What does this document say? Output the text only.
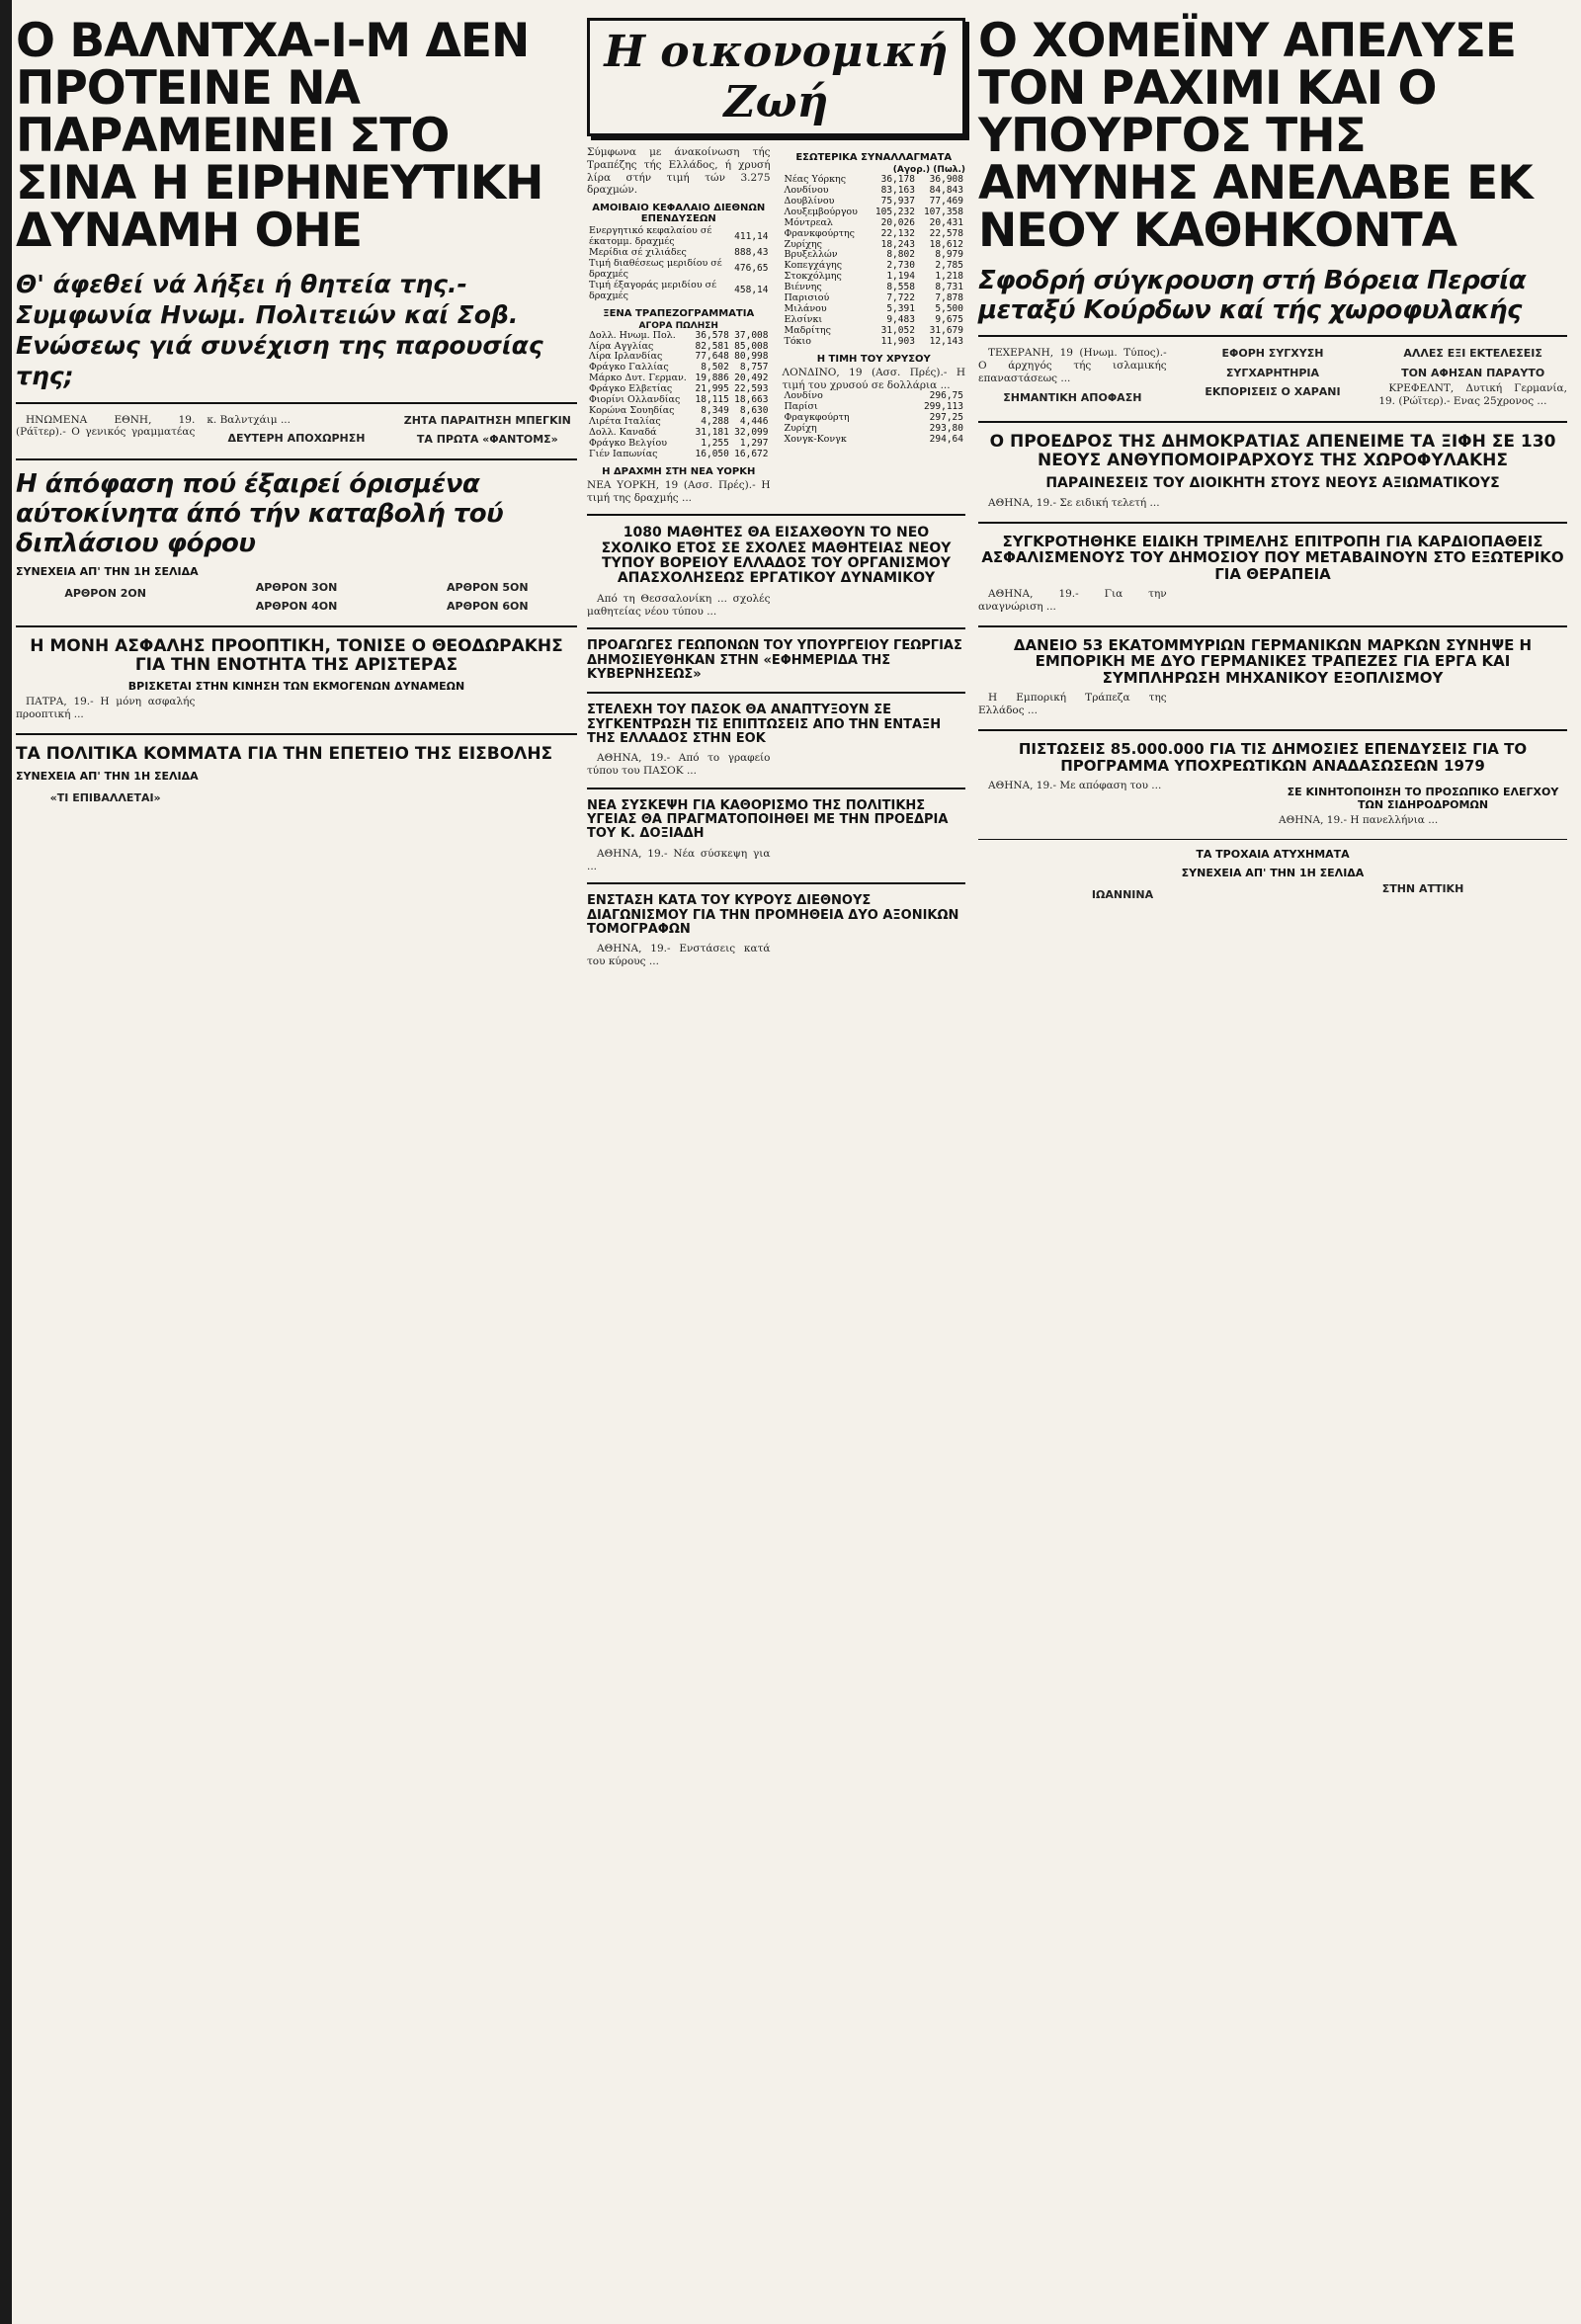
Ο ΒΑΛΝΤΧΑ-Ι-Μ ΔΕΝ ΠΡΟΤΕΙΝΕ ΝΑ ΠΑΡΑΜΕΙΝΕΙ ΣΤΟ ΣΙΝΑ Η ΕΙΡΗΝΕΥΤΙΚΗ ΔΥΝΑΜΗ ΟΗΕ
Θ' άφεθεί νά λήξει ή θητεία της.- Συμφωνία Ηνωμ. Πολιτειών καί Σοβ. Ενώσεως γιά συνέχιση της παρουσίας της;

ΗΝΩΜΕΝΑ ΕΘΝΗ, 19. (Ράϊτερ).- Ο γενικός γραμματέας κ. Βαλντχάιμ ...

ΔΕΥΤΕΡΗ ΑΠΟΧΩΡΗΣΗ
ΖΗΤΑ ΠΑΡΑΙΤΗΣΗ ΜΠΕΓΚΙΝ
ΤΑ ΠΡΩΤΑ «ΦΑΝΤΟΜΣ»
Η άπόφαση πού έξαιρεί όρισμένα αύτοκίνητα άπό τήν καταβολή τού διπλάσιου φόρου
ΣΥΝΕΧΕΙΑ ΑΠ' ΤΗΝ 1Η ΣΕΛΙΔΑ
ΑΡΘΡΟΝ 2ΟΝ	ΑΡΘΡΟΝ 3ΟΝ
ΑΡΘΡΟΝ 4ΟΝ
ΑΡΘΡΟΝ 5ΟΝ
ΑΡΘΡΟΝ 6ΟΝ
Η ΜΟΝΗ ΑΣΦΑΛΗΣ ΠΡΟΟΠΤΙΚΗ, ΤΟΝΙΣΕ Ο ΘΕΟΔΩΡΑΚΗΣ ΓΙΑ ΤΗΝ ΕΝΟΤΗΤΑ ΤΗΣ ΑΡΙΣΤΕΡΑΣ
ΒΡΙΣΚΕΤΑΙ ΣΤΗΝ ΚΙΝΗΣΗ ΤΩΝ ΕΚΜΟΓΕΝΩΝ ΔΥΝΑΜΕΩΝ

ΠΑΤΡΑ, 19.- Η μόνη ασφαλής προοπτική ...

ΤΑ ΠΟΛΙΤΙΚΑ ΚΟΜΜΑΤΑ ΓΙΑ ΤΗΝ ΕΠΕΤΕΙΟ ΤΗΣ ΕΙΣΒΟΛΗΣ
ΣΥΝΕΧΕΙΑ ΑΠ' ΤΗΝ 1Η ΣΕΛΙΔΑ
«ΤΙ ΕΠΙΒΑΛΛΕΤΑΙ»
Η οικονομική Ζωή
Σύμφωνα με άνακοίνωση τής Τραπέζης τής Ελλάδος, ή χρυσή λίρα στήν τιμή τών 3.275 δραχμών.
ΑΜΟΙΒΑΙΟ ΚΕΦΑΛΑΙΟ ΔΙΕΘΝΩΝ ΕΠΕΝΔΥΣΕΩΝ
Ενεργητικό κεφαλαίου σέ έκατομμ. δραχμές	411,14
Μερίδια σέ χιλιάδες	888,43
Τιμή διαθέσεως μεριδίου σέ δραχμές	476,65
Τιμή έξαγοράς μεριδίου σέ δραχμές	458,14
ΞΕΝΑ ΤΡΑΠΕΖΟΓΡΑΜΜΑΤΙΑ
ΑΓΟΡΑ ΠΩΛΗΣΗ
Δολλ. Ηνωμ. Πολ.	36,578	37,008
Λίρα Αγγλίας	82,581	85,008
Λίρα Ιρλανδίας	77,648	80,998
Φράγκο Γαλλίας	8,502	8,757
Μάρκο Δυτ. Γερμαν.	19,886	20,492
Φράγκο Ελβετίας	21,995	22,593
Φιορίνι Ολλανδίας	18,115	18,663
Κορώνα Σουηδίας	8,349	8,630
Λιρέτα Ιταλίας	4,288	4,446
Δολλ. Καναδά	31,181	32,099
Φράγκο Βελγίου	1,255	1,297
Γιέν Ιαπωνίας	16,050	16,672
Η ΔΡΑΧΜΗ ΣΤΗ ΝΕΑ ΥΟΡΚΗ
ΝΕΑ ΥΟΡΚΗ, 19 (Ασσ. Πρές).- Η τιμή της δραχμής ...
ΕΣΩΤΕΡΙΚΑ ΣΥΝΑΛΛΑΓΜΑΤΑ
(Αγορ.) (Πωλ.)
Νέας Υόρκης	36,178	36,908
Λονδίνου	83,163	84,843
Δουβλίνου	75,937	77,469
Λουξεμβούργου	105,232	107,358
Μόντρεαλ	20,026	20,431
Φρανκφούρτης	22,132	22,578
Ζυρίχης	18,243	18,612
Βρυξελλών	8,802	8,979
Κοπεγχάγης	2,730	2,785
Στοκχόλμης	1,194	1,218
Βιέννης	8,558	8,731
Παρισιού	7,722	7,878
Μιλάνου	5,391	5,500
Ελσίνκι	9,483	9,675
Μαδρίτης	31,052	31,679
Τόκιο	11,903	12,143
Η ΤΙΜΗ ΤΟΥ ΧΡΥΣΟΥ
ΛΟΝΔΙΝΟ, 19 (Ασσ. Πρές).- Η τιμή του χρυσού σε δολλάρια ...
Λονδίνο	296,75
Παρίσι	299,113
Φραγκφούρτη	297,25
Ζυρίχη	293,80
Χονγκ-Κονγκ	294,64
1080 ΜΑΘΗΤΕΣ ΘΑ ΕΙΣΑΧΘΟΥΝ ΤΟ ΝΕΟ ΣΧΟΛΙΚΟ ΕΤΟΣ ΣΕ ΣΧΟΛΕΣ ΜΑΘΗΤΕΙΑΣ ΝΕΟΥ ΤΥΠΟΥ ΒΟΡΕΙΟΥ ΕΛΛΑΔΟΣ ΤΟΥ ΟΡΓΑΝΙΣΜΟΥ ΑΠΑΣΧΟΛΗΣΕΩΣ ΕΡΓΑΤΙΚΟΥ ΔΥΝΑΜΙΚΟΥ

Από τη Θεσσαλονίκη ... σχολές μαθητείας νέου τύπου ...

ΠΡΟΑΓΩΓΕΣ ΓΕΩΠΟΝΩΝ ΤΟΥ ΥΠΟΥΡΓΕΙΟΥ ΓΕΩΡΓΙΑΣ ΔΗΜΟΣΙΕΥΘΗΚΑΝ ΣΤΗΝ «ΕΦΗΜΕΡΙΔΑ ΤΗΣ ΚΥΒΕΡΝΗΣΕΩΣ»
ΣΤΕΛΕΧΗ ΤΟΥ ΠΑΣΟΚ ΘΑ ΑΝΑΠΤΥΞΟΥΝ ΣΕ ΣΥΓΚΕΝΤΡΩΣΗ ΤΙΣ ΕΠΙΠΤΩΣΕΙΣ ΑΠΟ ΤΗΝ ΕΝΤΑΞΗ ΤΗΣ ΕΛΛΑΔΟΣ ΣΤΗΝ ΕΟΚ

ΑΘΗΝΑ, 19.- Από το γραφείο τύπου του ΠΑΣΟΚ ...

ΝΕΑ ΣΥΣΚΕΨΗ ΓΙΑ ΚΑΘΟΡΙΣΜΟ ΤΗΣ ΠΟΛΙΤΙΚΗΣ ΥΓΕΙΑΣ ΘΑ ΠΡΑΓΜΑΤΟΠΟΙΗΘΕΙ ΜΕ ΤΗΝ ΠΡΟΕΔΡΙΑ ΤΟΥ Κ. ΔΟΞΙΑΔΗ

ΑΘΗΝΑ, 19.- Νέα σύσκεψη για ...

ΕΝΣΤΑΣΗ ΚΑΤΑ ΤΟΥ ΚΥΡΟΥΣ ΔΙΕΘΝΟΥΣ ΔΙΑΓΩΝΙΣΜΟΥ ΓΙΑ ΤΗΝ ΠΡΟΜΗΘΕΙΑ ΔΥΟ ΑΞΟΝΙΚΩΝ ΤΟΜΟΓΡΑΦΩΝ

ΑΘΗΝΑ, 19.- Ενστάσεις κατά του κύρους ...

Ο ΧΟΜΕΪΝΥ ΑΠΕΛΥΣΕ ΤΟΝ ΡΑΧΙΜΙ ΚΑΙ Ο ΥΠΟΥΡΓΟΣ ΤΗΣ ΑΜΥΝΗΣ ΑΝΕΛΑΒΕ ΕΚ ΝΕΟΥ ΚΑΘΗΚΟΝΤΑ
Σφοδρή σύγκρουση στή Βόρεια Περσία μεταξύ Κούρδων καί τής χωροφυλακής

ΤΕΧΕΡΑΝΗ, 19 (Ηνωμ. Τύπος).- Ο άρχηγός τής ισλαμικής επαναστάσεως ...

ΣΗΜΑΝΤΙΚΗ ΑΠΟΦΑΣΗ
ΕΦΟΡΗ ΣΥΓΧΥΣΗ
ΣΥΓΧΑΡΗΤΗΡΙΑ
ΕΚΠΟΡΙΣΕΙΣ Ο ΧΑΡΑΝΙ
ΑΛΛΕΣ ΕΞΙ ΕΚΤΕΛΕΣΕΙΣ
ΤΟΝ ΑΦΗΣΑΝ ΠΑΡΑΥΤΟ

ΚΡΕΦΕΛΝΤ, Δυτική Γερμανία, 19. (Ρώϊτερ).- Ενας 25χρονος ...

Ο ΠΡΟΕΔΡΟΣ ΤΗΣ ΔΗΜΟΚΡΑΤΙΑΣ ΑΠΕΝΕΙΜΕ ΤΑ ΞΙΦΗ ΣΕ 130 ΝΕΟΥΣ ΑΝΘΥΠΟΜΟΙΡΑΡΧΟΥΣ ΤΗΣ ΧΩΡΟΦΥΛΑΚΗΣ
ΠΑΡΑΙΝΕΣΕΙΣ ΤΟΥ ΔΙΟΙΚΗΤΗ ΣΤΟΥΣ ΝΕΟΥΣ ΑΞΙΩΜΑΤΙΚΟΥΣ

ΑΘΗΝΑ, 19.- Σε ειδική τελετή ...

ΣΥΓΚΡΟΤΗΘΗΚΕ ΕΙΔΙΚΗ ΤΡΙΜΕΛΗΣ ΕΠΙΤΡΟΠΗ ΓΙΑ ΚΑΡΔΙΟΠΑΘΕΙΣ ΑΣΦΑΛΙΣΜΕΝΟΥΣ ΤΟΥ ΔΗΜΟΣΙΟΥ ΠΟΥ ΜΕΤΑΒΑΙΝΟΥΝ ΣΤΟ ΕΞΩΤΕΡΙΚΟ ΓΙΑ ΘΕΡΑΠΕΙΑ

ΑΘΗΝΑ, 19.- Για την αναγνώριση ...

ΔΑΝΕΙΟ 53 ΕΚΑΤΟΜΜΥΡΙΩΝ ΓΕΡΜΑΝΙΚΩΝ ΜΑΡΚΩΝ ΣΥΝΗΨΕ Η ΕΜΠΟΡΙΚΗ ΜΕ ΔΥΟ ΓΕΡΜΑΝΙΚΕΣ ΤΡΑΠΕΖΕΣ ΓΙΑ ΕΡΓΑ ΚΑΙ ΣΥΜΠΛΗΡΩΣΗ ΜΗΧΑΝΙΚΟΥ ΕΞΟΠΛΙΣΜΟΥ

Η Εμπορική Τράπεζα της Ελλάδος ...

ΠΙΣΤΩΣΕΙΣ 85.000.000 ΓΙΑ ΤΙΣ ΔΗΜΟΣΙΕΣ ΕΠΕΝΔΥΣΕΙΣ ΓΙΑ ΤΟ ΠΡΟΓΡΑΜΜΑ ΥΠΟΧΡΕΩΤΙΚΩΝ ΑΝΑΔΑΣΩΣΕΩΝ 1979

ΑΘΗΝΑ, 19.- Με απόφαση του ...	ΣΕ ΚΙΝΗΤΟΠΟΙΗΣΗ ΤΟ ΠΡΟΣΩΠΙΚΟ ΕΛΕΓΧΟΥ ΤΩΝ ΣΙΔΗΡΟΔΡΟΜΩΝ
ΑΘΗΝΑ, 19.- Η πανελλήνια ...
ΤΑ ΤΡΟΧΑΙΑ ΑΤΥΧΗΜΑΤΑ
ΣΥΝΕΧΕΙΑ ΑΠ' ΤΗΝ 1Η ΣΕΛΙΔΑ
ΙΩΑΝΝΙΝΑ	ΣΤΗΝ ΑΤΤΙΚΗ
